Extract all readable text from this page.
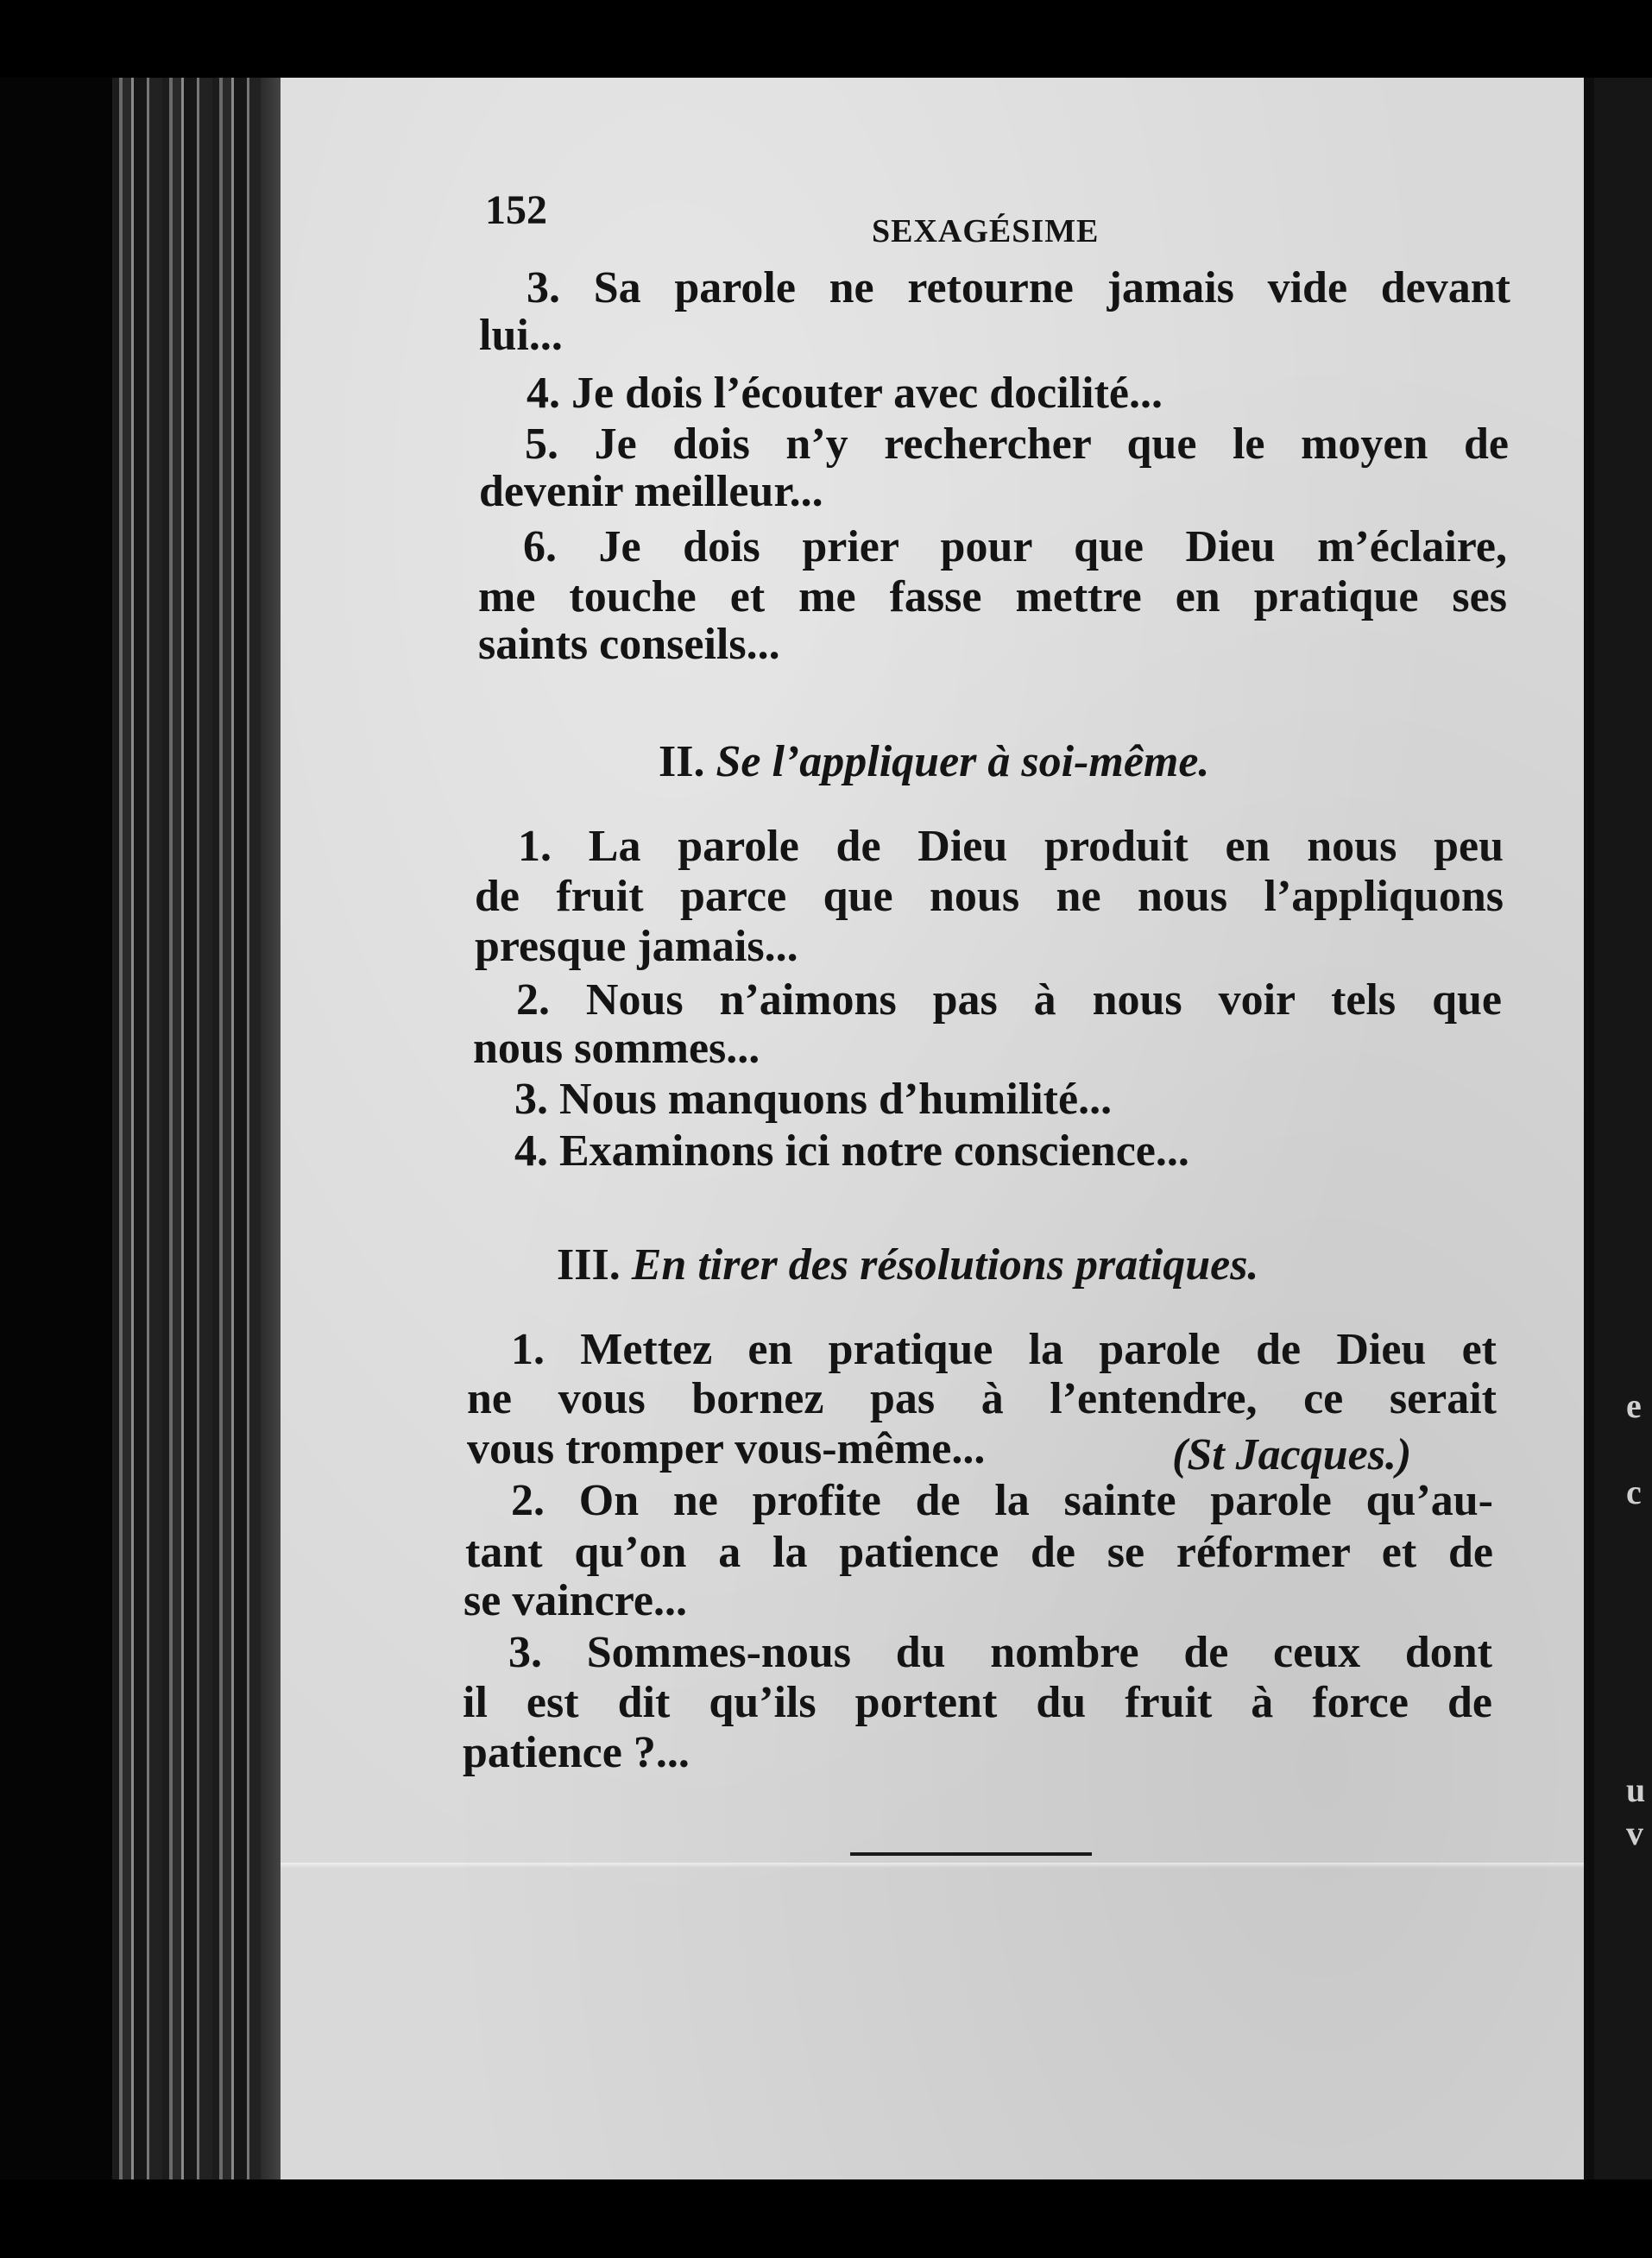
e
c
u
v
152	SEXAGÉSIME
3. Sa parole ne retourne jamais vide devant
lui...
4. Je dois l’écouter avec docilité...
5. Je dois n’y rechercher que le moyen de
devenir meilleur...
6. Je dois prier pour que Dieu m’éclaire,
me touche et me fasse mettre en pratique ses
saints conseils...
II. Se l’appliquer à soi-même.
1. La parole de Dieu produit en nous peu
de fruit parce que nous ne nous l’appliquons
presque jamais...
2. Nous n’aimons pas à nous voir tels que
nous sommes...
3. Nous manquons d’humilité...
4. Examinons ici notre conscience...
III. En tirer des résolutions pratiques.
1. Mettez en pratique la parole de Dieu et
ne vous bornez pas à l’entendre, ce serait
vous tromper vous-même...	(St Jacques.)
2. On ne profite de la sainte parole qu’au-
tant qu’on a la patience de se réformer et de
se vaincre...
3. Sommes-nous du nombre de ceux dont
il est dit qu’ils portent du fruit à force de
patience ?...
